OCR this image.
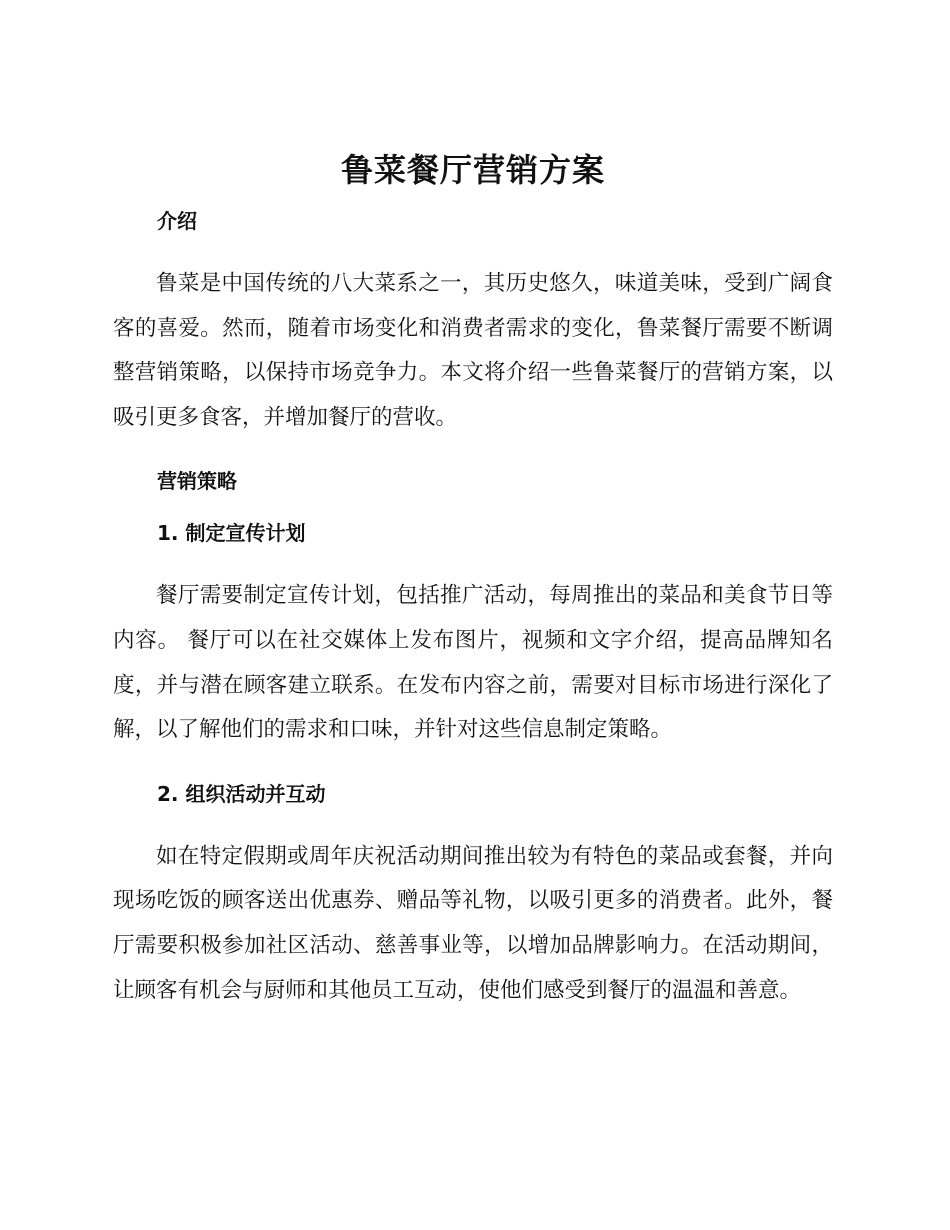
鲁菜餐厅营销方案
介绍

鲁菜是中国传统的八大菜系之一，其历史悠久，味道美味，受到广阔食客的喜爱。然而，随着市场变化和消费者需求的变化，鲁菜餐厅需要不断调整营销策略，以保持市场竞争力。本文将介绍一些鲁菜餐厅的营销方案，以吸引更多食客，并增加餐厅的营收。

营销策略
1. 制定宣传计划

餐厅需要制定宣传计划，包括推广活动，每周推出的菜品和美食节日等内容。 餐厅可以在社交媒体上发布图片，视频和文字介绍，提高品牌知名度，并与潜在顾客建立联系。在发布内容之前，需要对目标市场进行深化了解，以了解他们的需求和口味，并针对这些信息制定策略。

2. 组织活动并互动

如在特定假期或周年庆祝活动期间推出较为有特色的菜品或套餐，并向现场吃饭的顾客送出优惠券、赠品等礼物，以吸引更多的消费者。此外，餐厅需要积极参加社区活动、慈善事业等，以增加品牌影响力。在活动期间，让顾客有机会与厨师和其他员工互动，使他们感受到餐厅的温温和善意。
